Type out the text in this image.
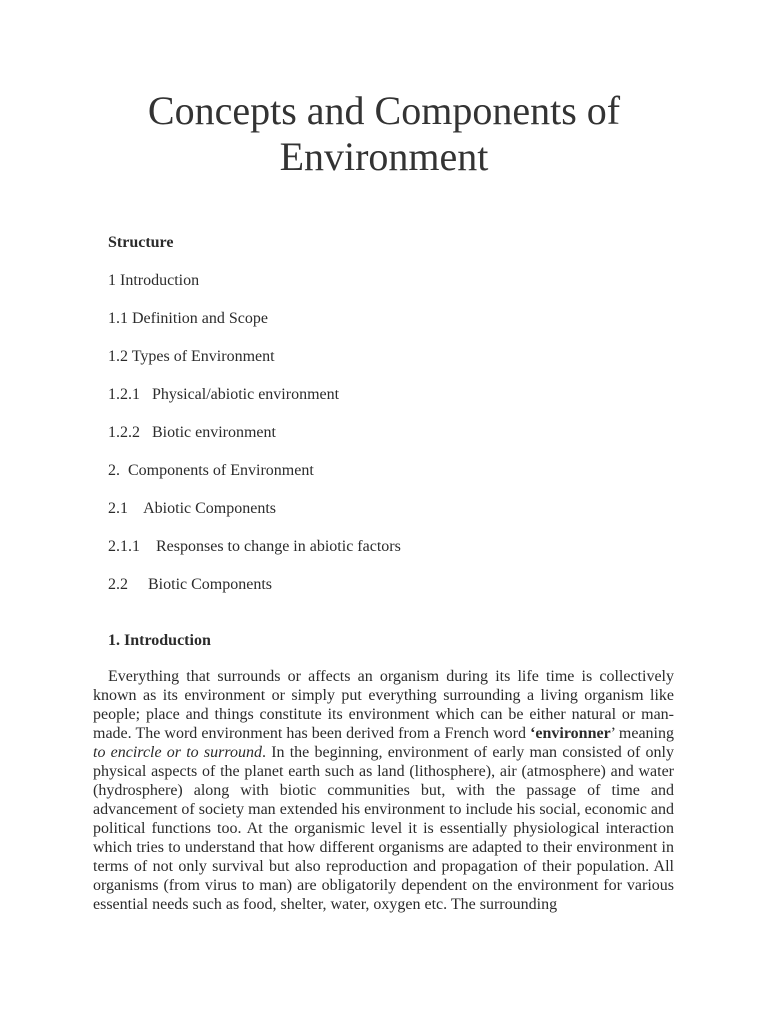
Concepts and Components of
Environment
Structure
1 Introduction
1.1 Definition and Scope
1.2 Types of Environment
1.2.1 Physical/abiotic environment
1.2.2 Biotic environment
2. Components of Environment
2.1 Abiotic Components
2.1.1 Responses to change in abiotic factors
2.2 Biotic Components
1. Introduction

Everything that surrounds or affects an organism during its life time is collectively known as its environment or simply put everything surrounding a living organism like people; place and things constitute its environment which can be either natural or man-made. The word environment has been derived from a French word ‘environner’ meaning to encircle or to surround. In the beginning, environment of early man consisted of only physical aspects of the planet earth such as land (lithosphere), air (atmosphere) and water (hydrosphere) along with biotic communities but, with the passage of time and advancement of society man extended his environment to include his social, economic and political functions too. At the organismic level it is essentially physiological interaction which tries to understand that how different organisms are adapted to their environment in terms of not only survival but also reproduction and propagation of their population. All organisms (from virus to man) are obligatorily dependent on the environment for various essential needs such as food, shelter, water, oxygen etc. The surrounding
